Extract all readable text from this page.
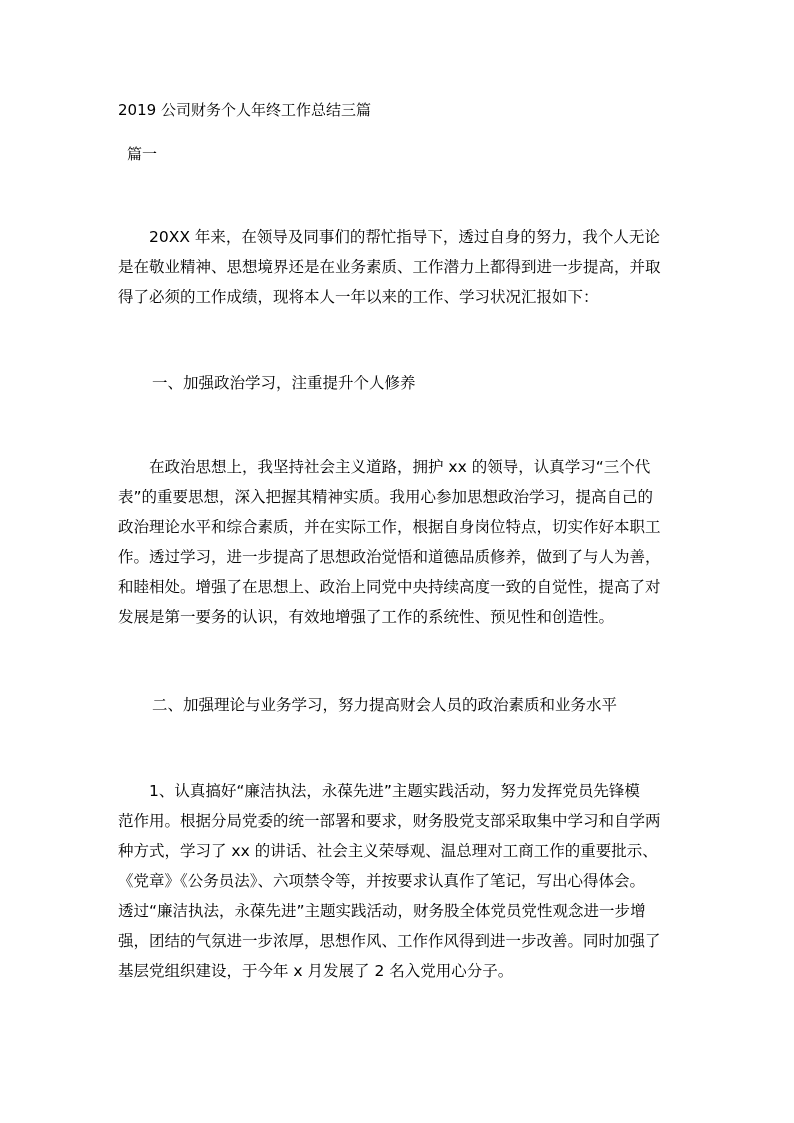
2019 公司财务个人年终工作总结三篇
篇一

　　20XX 年来，在领导及同事们的帮忙指导下，透过自身的努力，我个人无论
是在敬业精神、思想境界还是在业务素质、工作潜力上都得到进一步提高，并取
得了必须的工作成绩，现将本人一年以来的工作、学习状况汇报如下：

一、加强政治学习，注重提升个人修养

　　在政治思想上，我坚持社会主义道路，拥护 xx 的领导，认真学习“三个代
表”的重要思想，深入把握其精神实质。我用心参加思想政治学习，提高自己的
政治理论水平和综合素质，并在实际工作，根据自身岗位特点，切实作好本职工
作。透过学习，进一步提高了思想政治觉悟和道德品质修养，做到了与人为善，
和睦相处。增强了在思想上、政治上同党中央持续高度一致的自觉性，提高了对
发展是第一要务的认识，有效地增强了工作的系统性、预见性和创造性。

二、加强理论与业务学习，努力提高财会人员的政治素质和业务水平

　　1、认真搞好“廉洁执法，永葆先进”主题实践活动，努力发挥党员先锋模
范作用。根据分局党委的统一部署和要求，财务股党支部采取集中学习和自学两
种方式，学习了 xx 的讲话、社会主义荣辱观、温总理对工商工作的重要批示、
《党章》《公务员法》、六项禁令等，并按要求认真作了笔记，写出心得体会。
透过“廉洁执法，永葆先进”主题实践活动，财务股全体党员党性观念进一步增
强，团结的气氛进一步浓厚，思想作风、工作作风得到进一步改善。同时加强了
基层党组织建设，于今年 x 月发展了 2 名入党用心分子。
